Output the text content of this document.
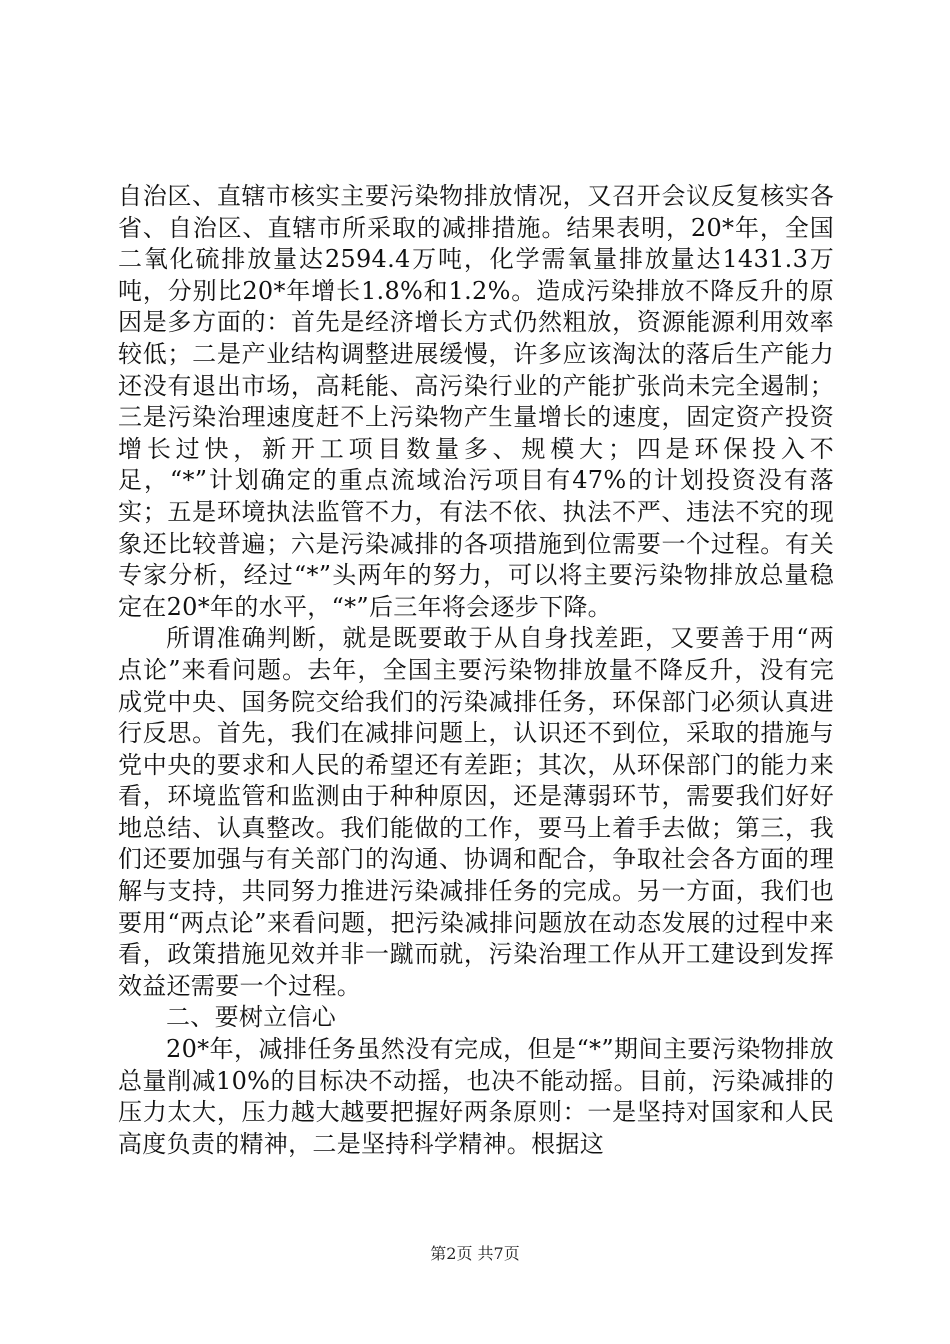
自治区、直辖市核实主要污染物排放情况，又召开会议反复核实各省、自治区、直辖市所采取的减排措施。结果表明，20*年，全国二氧化硫排放量达2594.4万吨，化学需氧量排放量达1431.3万吨，分别比20*年增长1.8%和1.2%。造成污染排放不降反升的原因是多方面的：首先是经济增长方式仍然粗放，资源能源利用效率较低；二是产业结构调整进展缓慢，许多应该淘汰的落后生产能力还没有退出市场，高耗能、高污染行业的产能扩张尚未完全遏制；三是污染治理速度赶不上污染物产生量增长的速度，固定资产投资增长过快，新开工项目数量多、规模大；四是环保投入不足，“*”计划确定的重点流域治污项目有47%的计划投资没有落实；五是环境执法监管不力，有法不依、执法不严、违法不究的现象还比较普遍；六是污染减排的各项措施到位需要一个过程。有关专家分析，经过“*”头两年的努力，可以将主要污染物排放总量稳定在20*年的水平，“*”后三年将会逐步下降。

所谓准确判断，就是既要敢于从自身找差距，又要善于用“两点论”来看问题。去年，全国主要污染物排放量不降反升，没有完成党中央、国务院交给我们的污染减排任务，环保部门必须认真进行反思。首先，我们在减排问题上，认识还不到位，采取的措施与党中央的要求和人民的希望还有差距；其次，从环保部门的能力来看，环境监管和监测由于种种原因，还是薄弱环节，需要我们好好地总结、认真整改。我们能做的工作，要马上着手去做；第三，我们还要加强与有关部门的沟通、协调和配合，争取社会各方面的理解与支持，共同努力推进污染减排任务的完成。另一方面，我们也要用“两点论”来看问题，把污染减排问题放在动态发展的过程中来看，政策措施见效并非一蹴而就，污染治理工作从开工建设到发挥效益还需要一个过程。

二、要树立信心

20*年，减排任务虽然没有完成，但是“*”期间主要污染物排放总量削减10%的目标决不动摇，也决不能动摇。目前，污染减排的压力太大，压力越大越要把握好两条原则：一是坚持对国家和人民高度负责的精神，二是坚持科学精神。根据这

第2页 共7页
